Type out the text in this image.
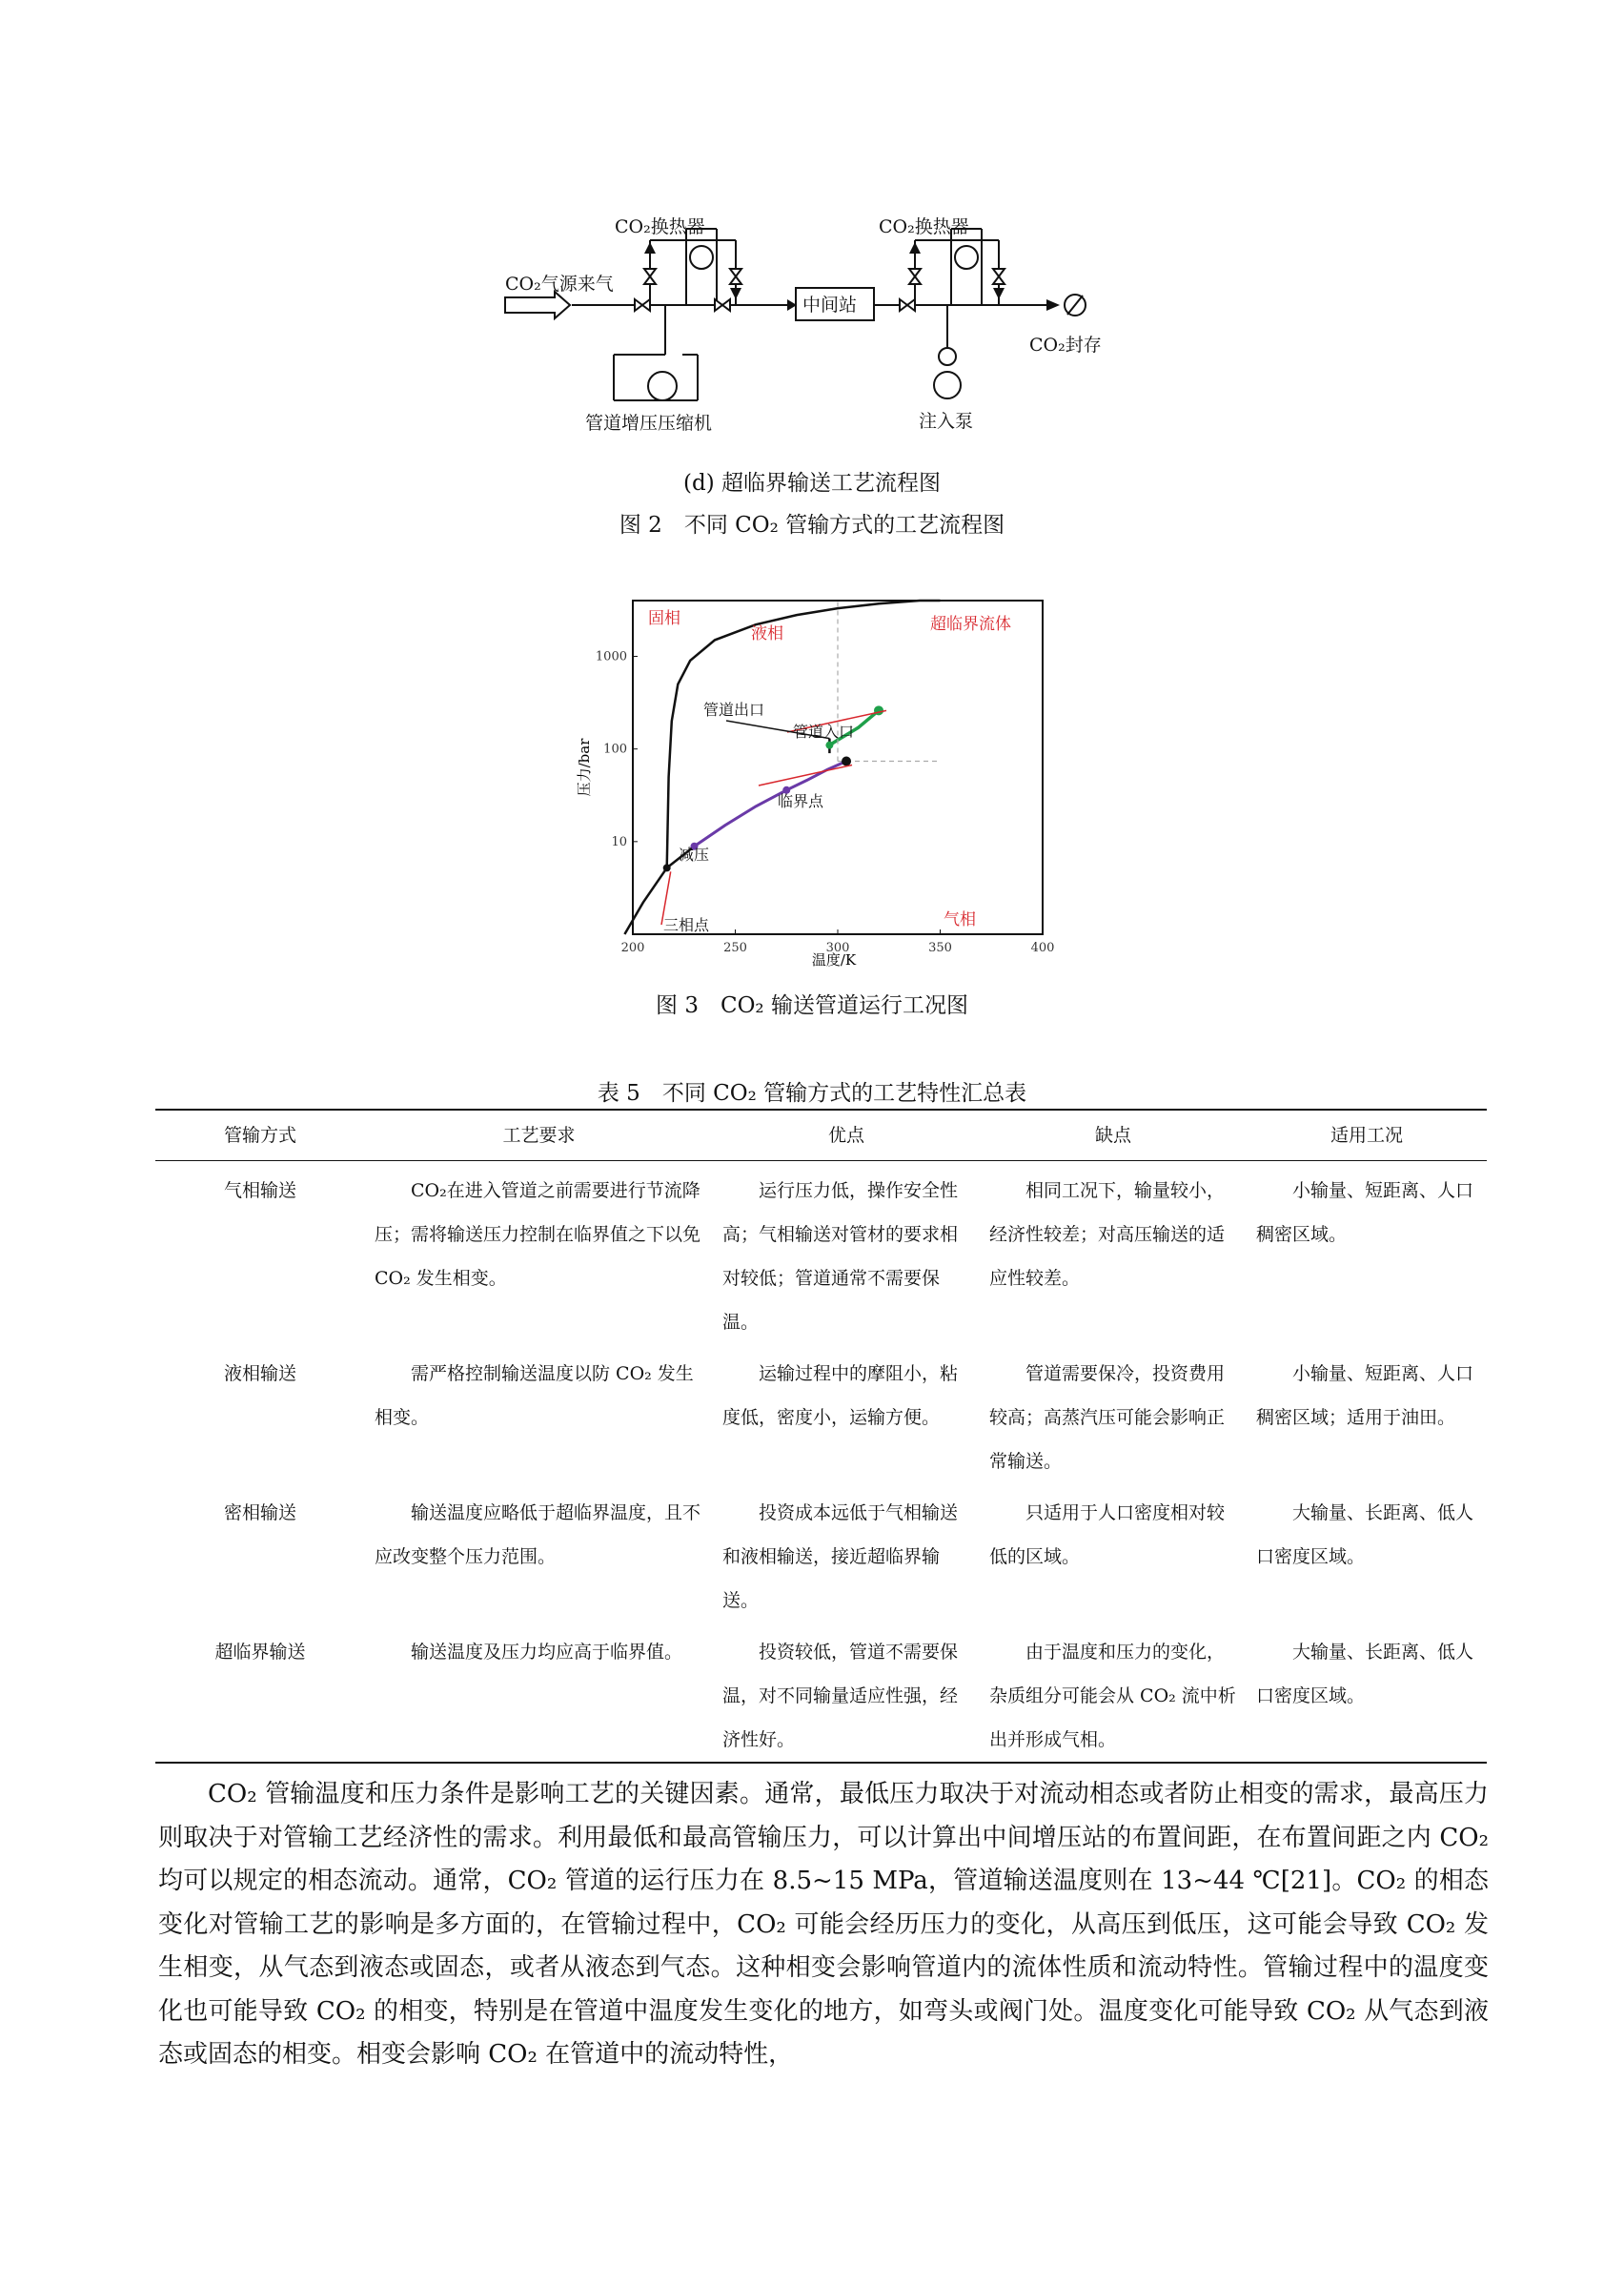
CO₂气源来气
CO₂换热器
中间站
CO₂换热器
管道增压压缩机	注入泵
CO₂封存
(d) 超临界输送工艺流程图
图 2　不同 CO₂ 管输方式的工艺流程图
200	250	300	350	400
10
100
1000
固相
液相	超临界流体
气相
管道出口
管道入口
临界点
减压
三相点
温度/K
压力/bar
图 3　CO₂ 输送管道运行工况图
表 5　不同 CO₂ 管输方式的工艺特性汇总表
管输方式	工艺要求	优点	缺点	适用工况
气相输送	CO₂在进入管道之前需要进行节流降压；需将输送压力控制在临界值之下以免 CO₂ 发生相变。	运行压力低，操作安全性高；气相输送对管材的要求相对较低；管道通常不需要保温。	相同工况下，输量较小，经济性较差；对高压输送的适应性较差。	小输量、短距离、人口稠密区域。
液相输送	需严格控制输送温度以防 CO₂ 发生相变。	运输过程中的摩阻小，粘度低，密度小，运输方便。	管道需要保冷，投资费用较高；高蒸汽压可能会影响正常输送。	小输量、短距离、人口稠密区域；适用于油田。
密相输送	输送温度应略低于超临界温度，且不应改变整个压力范围。	投资成本远低于气相输送和液相输送，接近超临界输送。	只适用于人口密度相对较低的区域。	大输量、长距离、低人口密度区域。
超临界输送	输送温度及压力均应高于临界值。	投资较低，管道不需要保温，对不同输量适应性强，经济性好。	由于温度和压力的变化，杂质组分可能会从 CO₂ 流中析出并形成气相。	大输量、长距离、低人口密度区域。

CO₂ 管输温度和压力条件是影响工艺的关键因素。通常，最低压力取决于对流动相态或者防止相变的需求，最高压力则取决于对管输工艺经济性的需求。利用最低和最高管输压力，可以计算出中间增压站的布置间距，在布置间距之内 CO₂ 均可以规定的相态流动。通常，CO₂ 管道的运行压力在 8.5~15 MPa，管道输送温度则在 13~44 ℃[21]。CO₂ 的相态变化对管输工艺的影响是多方面的，在管输过程中，CO₂ 可能会经历压力的变化，从高压到低压，这可能会导致 CO₂ 发生相变，从气态到液态或固态，或者从液态到气态。这种相变会影响管道内的流体性质和流动特性。管输过程中的温度变化也可能导致 CO₂ 的相变，特别是在管道中温度发生变化的地方，如弯头或阀门处。温度变化可能导致 CO₂ 从气态到液态或固态的相变。相变会影响 CO₂ 在管道中的流动特性，
